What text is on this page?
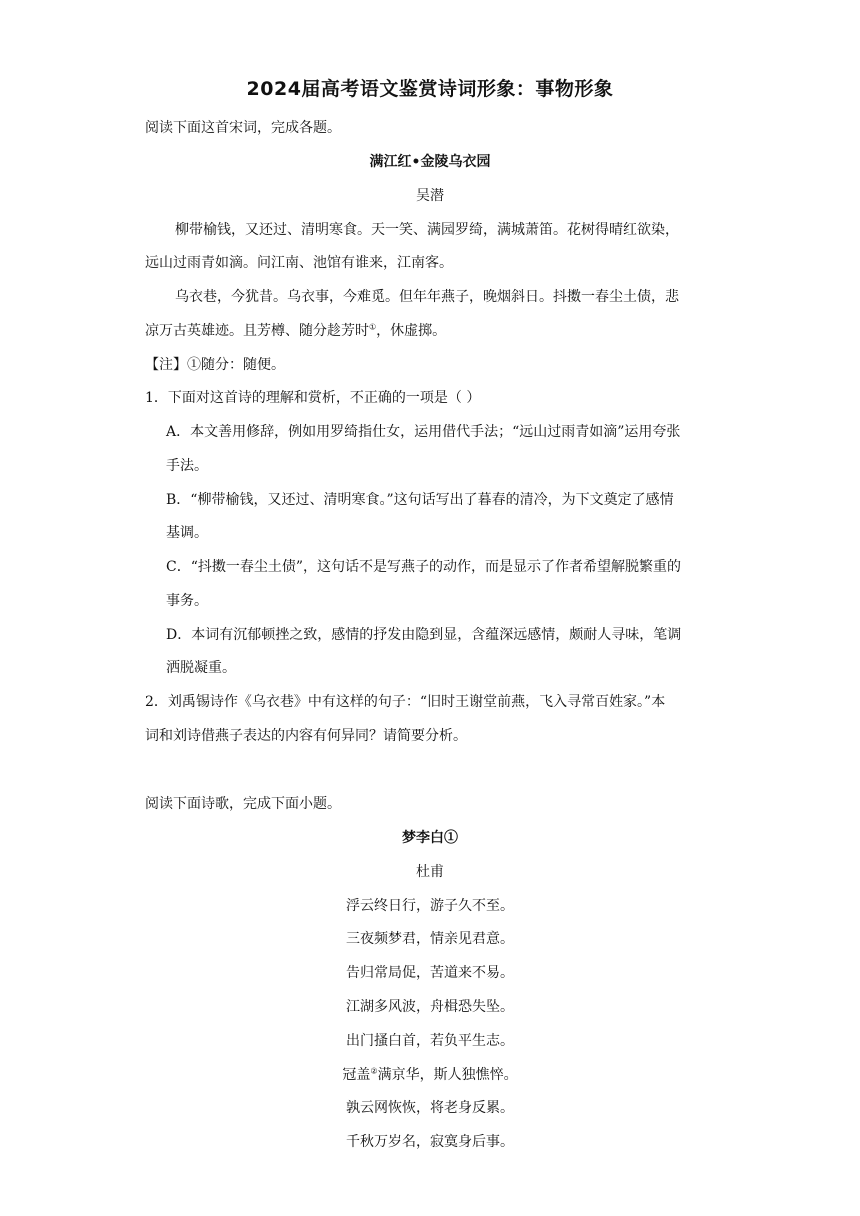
2024届高考语文鉴赏诗词形象：事物形象
阅读下面这首宋词，完成各题。
满江红•金陵乌衣园
吴潜
柳带榆钱，又还过、清明寒食。天一笑、满园罗绮，满城萧笛。花树得晴红欲染，
远山过雨青如滴。问江南、池馆有谁来，江南客。
乌衣巷，今犹昔。乌衣事，今难觅。但年年燕子，晚烟斜日。抖擞一春尘土债，悲
凉万古英雄迹。且芳樽、随分趁芳时①，休虚掷。
【注】①随分：随便。
1．下面对这首诗的理解和赏析，不正确的一项是（ ）
A．本文善用修辞，例如用罗绮指仕女，运用借代手法；“远山过雨青如滴”运用夸张
手法。
B．“柳带榆钱，又还过、清明寒食。”这句话写出了暮春的清冷，为下文奠定了感情
基调。
C．“抖擞一春尘土债”，这句话不是写燕子的动作，而是显示了作者希望解脱繁重的
事务。
D．本词有沉郁顿挫之致，感情的抒发由隐到显，含蕴深远感情，颇耐人寻味，笔调
洒脱凝重。
2．刘禹锡诗作《乌衣巷》中有这样的句子：“旧时王谢堂前燕，飞入寻常百姓家。”本
词和刘诗借燕子表达的内容有何异同？请简要分析。
阅读下面诗歌，完成下面小题。
梦李白①
杜甫
浮云终日行，游子久不至。
三夜频梦君，情亲见君意。
告归常局促，苦道来不易。
江湖多风波，舟楫恐失坠。
出门搔白首，若负平生志。
冠盖②满京华，斯人独憔悴。
孰云网恢恢，将老身反累。
千秋万岁名，寂寞身后事。
